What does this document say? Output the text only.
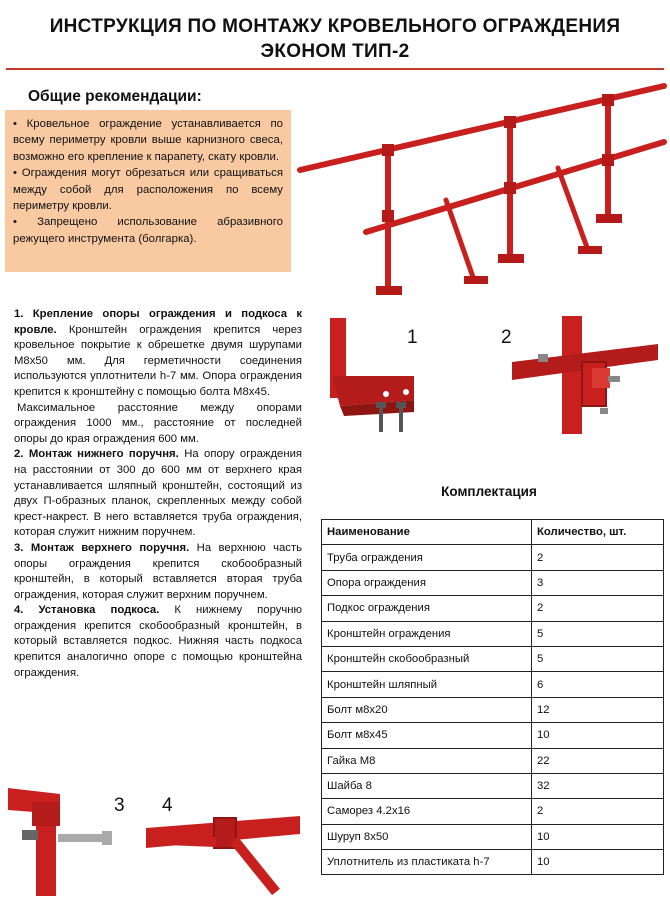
ИНСТРУКЦИЯ ПО МОНТАЖУ КРОВЕЛЬНОГО ОГРАЖДЕНИЯ
ЭКОНОМ ТИП-2
Общие рекомендации:

• Кровельное ограждение устанавливается по всему периметру кровли выше карнизного свеса, возможно его крепление к парапету, скату кровли.

• Ограждения могут обрезаться или сращиваться между собой для расположения по всему периметру кровли.

• Запрещено использование абразивного режущего инструмента (болгарка).

1. Крепление опоры ограждения и подкоса к кровле. Кронштейн ограждения крепится через кровельное покрытие к обрешетке двумя шурупами М8х50 мм. Для герметичности соединения используются уплотнители h-7 мм. Опора ограждения крепится к кронштейну с помощью болта М8х45.

Максимальное расстояние между опорами ограждения 1000 мм., расстояние от последней опоры до края ограждения 600 мм.

2. Монтаж нижнего поручня. На опору ограждения на расстоянии от 300 до 600 мм от верхнего края устанавливается шляпный кронштейн, состоящий из двух П-образных планок, скрепленных между собой крест-накрест. В него вставляется труба ограждения, которая служит нижним поручнем.

3. Монтаж верхнего поручня. На верхнюю часть опоры ограждения крепится скобообразный кронштейн, в который вставляется вторая труба ограждения, которая служит верхним поручнем.

4. Установка подкоса. К нижнему поручню ограждения крепится скобообразный кронштейн, в который вставляется подкос. Нижняя часть подкоса крепится аналогично опоре с помощью кронштейна ограждения.

1	2
Комплектация
Наименование	Количество, шт.
Труба ограждения	2
Опора ограждения	3
Подкос ограждения	2
Кронштейн ограждения	5
Кронштейн скобообразный	5
Кронштейн шляпный	6
Болт м8х20	12
Болт м8х45	10
Гайка М8	22
Шайба 8	32
Саморез 4.2х16	2
Шуруп 8х50	10
Уплотнитель из пластиката h-7	10
3 4
